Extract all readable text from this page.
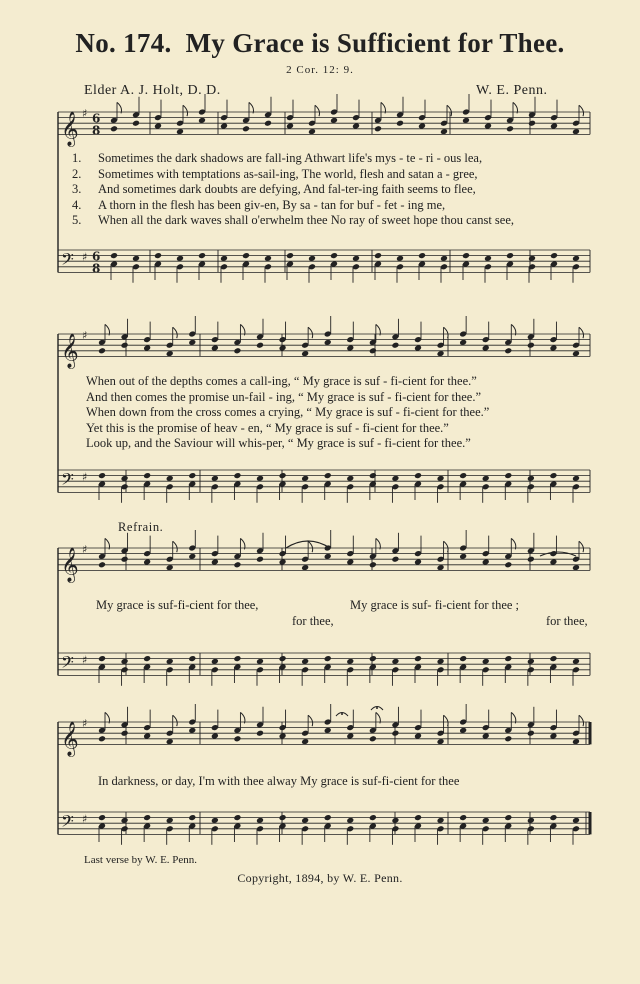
𝄞 ♯ 6
8
𝄢 ♯ 6
8
𝄞 ♯
𝄢 ♯
𝄞 ♯
𝄢 ♯
𝄞 ♯
𝄢 ♯
No. 174. My Grace is Sufficient for Thee.
2 Cor. 12: 9.
Elder A. J. Holt, D. D.	W. E. Penn.
1. Sometimes the dark shadows are fall-ing Athwart life's mys - te - ri - ous lea,
2. Sometimes with temptations as-sail-ing, The world, flesh and satan a - gree,
3. And sometimes dark doubts are defying, And fal-ter-ing faith seems to flee,
4. A thorn in the flesh has been giv-en, By sa - tan for buf - fet - ing me,
5. When all the dark waves shall o'erwhelm thee No ray of sweet hope thou canst see,
When out of the depths comes a call-ing, “ My grace is suf - fi-cient for thee.”
And then comes the promise un-fail - ing, “ My grace is suf - fi-cient for thee.”
When down from the cross comes a crying, “ My grace is suf - fi-cient for thee.”
Yet this is the promise of heav - en, “ My grace is suf - fi-cient for thee.”
Look up, and the Saviour will whis-per, “ My grace is suf - fi-cient for thee.”
Refrain.
My grace is suf-fi-cient for thee,	My grace is suf- fi-cient for thee ;
for thee,	for thee,
In darkness, or day, I'm with thee alway My grace is suf-fi-cient for thee
Last verse by W. E. Penn.
Copyright, 1894, by W. E. Penn.
